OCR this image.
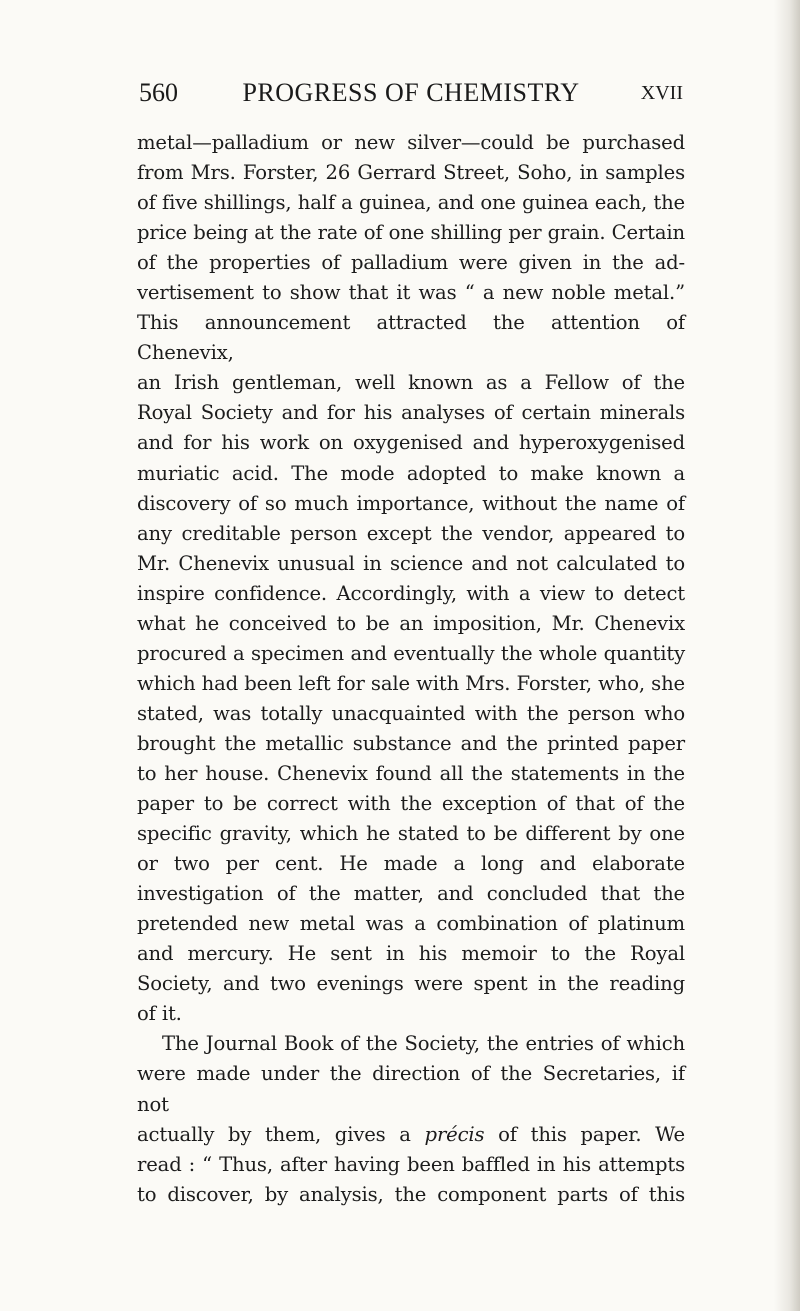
560	PROGRESS OF CHEMISTRY	XVII

metal—palladium or new silver—could be purchased

from Mrs. Forster, 26 Gerrard Street, Soho, in samples

of five shillings, half a guinea, and one guinea each, the

price being at the rate of one shilling per grain. Certain

of the properties of palladium were given in the ad-

vertisement to show that it was “ a new noble metal.”

This announcement attracted the attention of Chenevix,

an Irish gentleman, well known as a Fellow of the

Royal Society and for his analyses of certain minerals

and for his work on oxygenised and hyperoxygenised

muriatic acid. The mode adopted to make known a

discovery of so much importance, without the name of

any creditable person except the vendor, appeared to

Mr. Chenevix unusual in science and not calculated to

inspire confidence. Accordingly, with a view to detect

what he conceived to be an imposition, Mr. Chenevix

procured a specimen and eventually the whole quantity

which had been left for sale with Mrs. Forster, who, she

stated, was totally unacquainted with the person who

brought the metallic substance and the printed paper

to her house. Chenevix found all the statements in the

paper to be correct with the exception of that of the

specific gravity, which he stated to be different by one

or two per cent. He made a long and elaborate

investigation of the matter, and concluded that the

pretended new metal was a combination of platinum

and mercury. He sent in his memoir to the Royal

Society, and two evenings were spent in the reading

of it.

The Journal Book of the Society, the entries of which

were made under the direction of the Secretaries, if not

actually by them, gives a précis of this paper. We

read : “ Thus, after having been baffled in his attempts

to discover, by analysis, the component parts of this
